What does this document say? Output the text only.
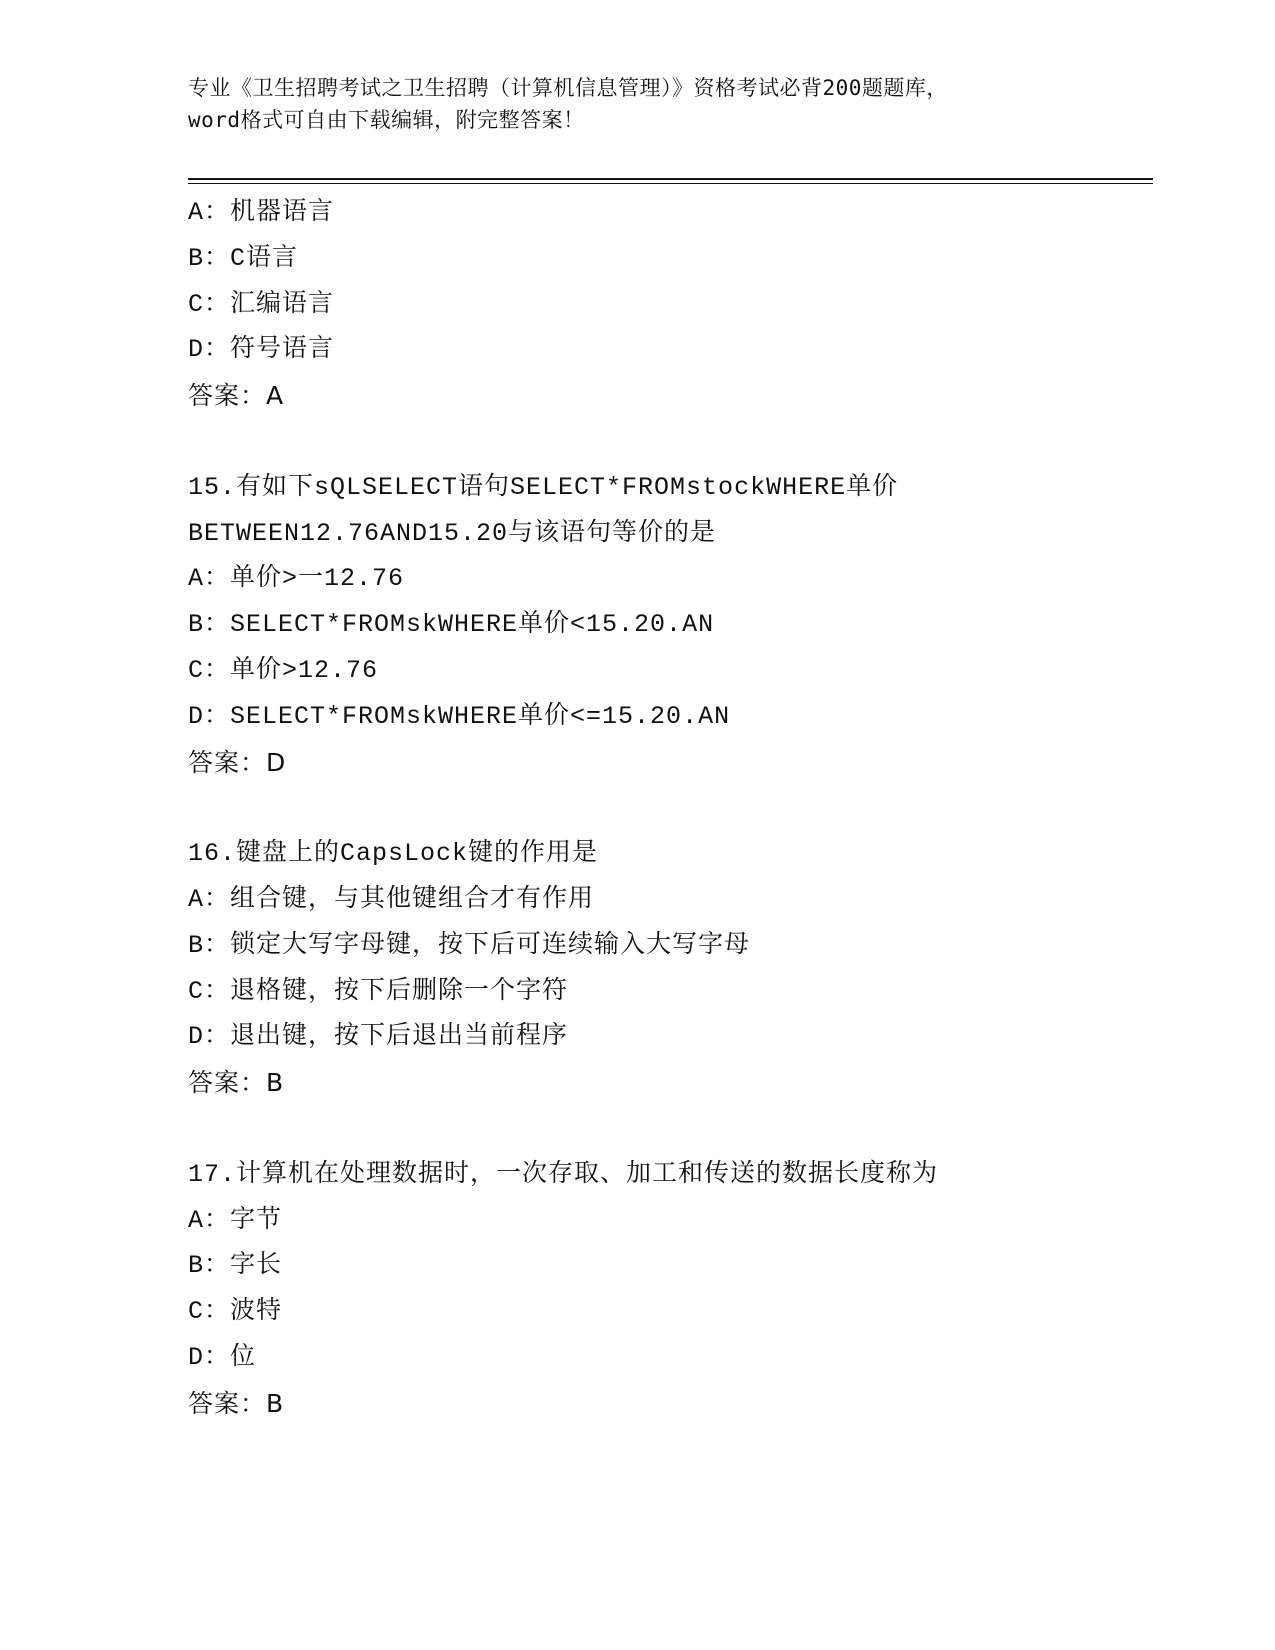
专业《卫生招聘考试之卫生招聘（计算机信息管理）》资格考试必背200题题库，
word格式可自由下载编辑，附完整答案！
A：机器语言
B：C语言
C：汇编语言
D：符号语言
答案：A
15.有如下sQLSELECT语句SELECT*FROMstockWHERE单价
BETWEEN12.76AND15.20与该语句等价的是
A：单价>一12.76
B：SELECT*FROMskWHERE单价<15.20.AN
C：单价>12.76
D：SELECT*FROMskWHERE单价<=15.20.AN
答案：D
16.键盘上的CapsLock键的作用是
A：组合键，与其他键组合才有作用
B：锁定大写字母键，按下后可连续输入大写字母
C：退格键，按下后删除一个字符
D：退出键，按下后退出当前程序
答案：B
17.计算机在处理数据时，一次存取、加工和传送的数据长度称为
A：字节
B：字长
C：波特
D：位
答案：B
